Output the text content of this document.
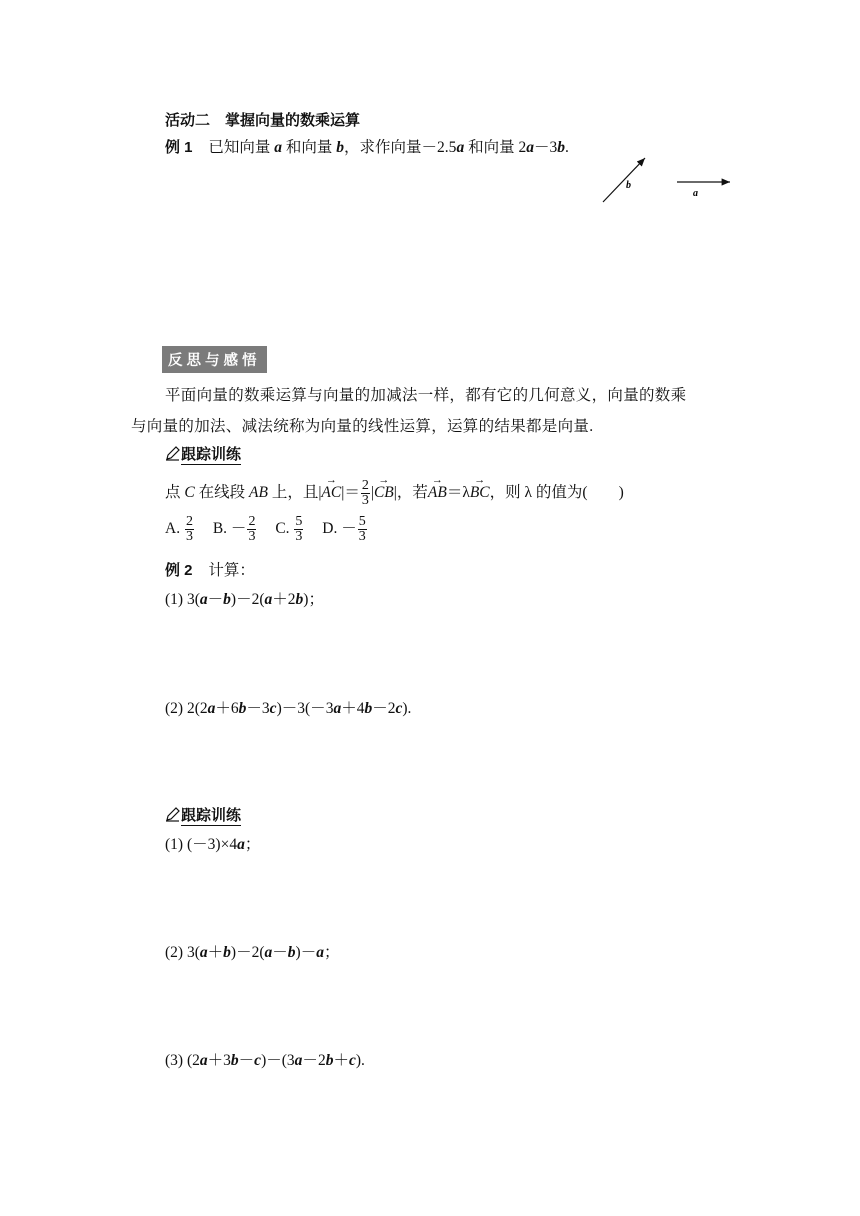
活动二　掌握向量的数乘运算
例 1 已知向量 a 和向量 b，求作向量－2.5a 和向量 2a－3b.
b
a
反思与感悟

平面向量的数乘运算与向量的加减法一样，都有它的几何意义，向量的数乘

与向量的加法、减法统称为向量的线性运算，运算的结果都是向量.

跟踪训练
点 C 在线段 AB 上，且|→ $AC|= \frac{2}{3}$ |→ CB|，若→ AB＝λ→ BC，则 λ 的值为(　　)
A. $\frac{2}{3} B$. － $\frac{2}{3} C$. $\frac{5}{3} D$. － $\frac{5}{3}$
例 2 计算：
(1) 3(a－b)－2(a＋2b)；
(2) 2(2a＋6b－3c)－3(－3a＋4b－2c).
跟踪训练
(1) (－3)×4a；
(2) 3(a＋b)－2(a－b)－a；
(3) (2a＋3b－c)－(3a－2b＋c).
